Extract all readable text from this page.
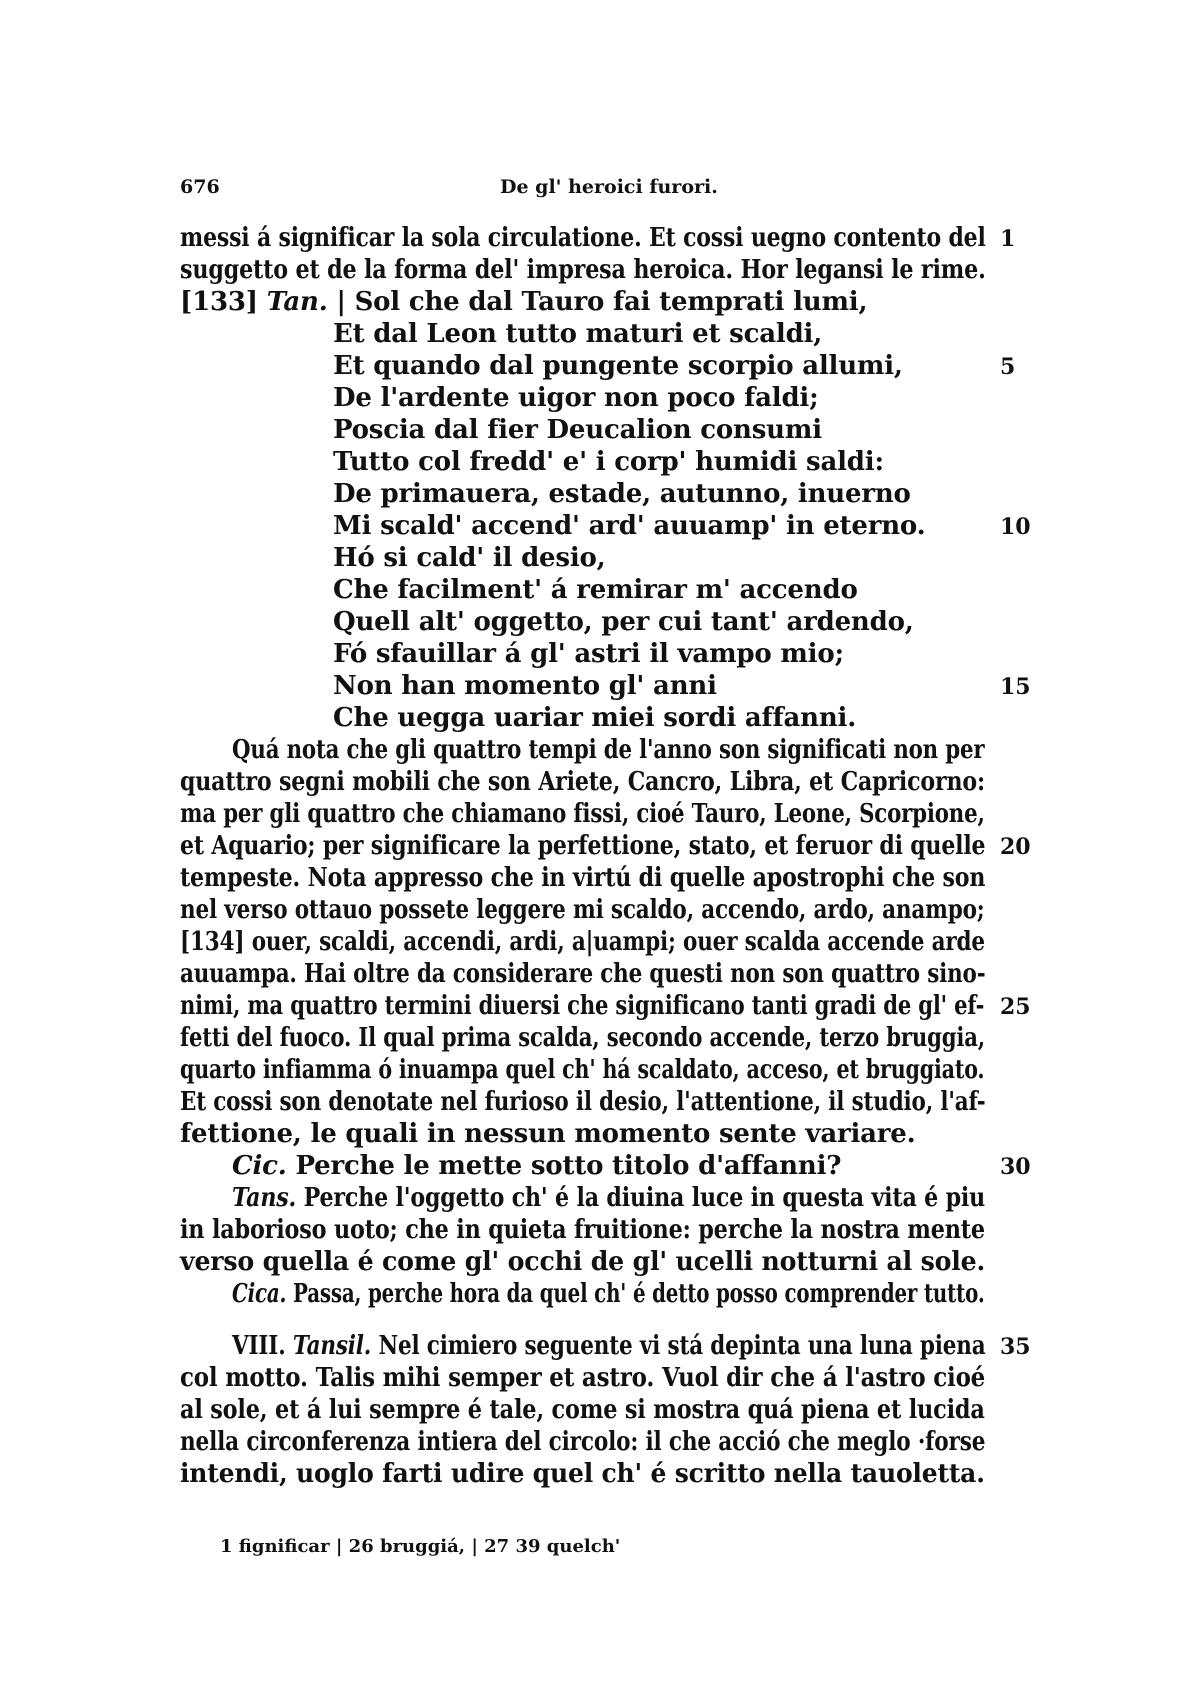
676	De gl' heroici furori.
messi á significar la sola circulatione. Et cossi uegno contento del
suggetto et de la forma del' impresa heroica. Hor legansi le rime.
[133] Tan. | Sol che dal Tauro fai temprati lumi,
Et dal Leon tutto maturi et scaldi,
Et quando dal pungente scorpio allumi,
De l'ardente uigor non poco faldi;
Poscia dal fier Deucalion consumi
Tutto col fredd' e' i corp' humidi saldi:
De primauera, estade, autunno, inuerno
Mi scald' accend' ard' auuamp' in eterno.
Hó si cald' il desio,
Che facilment' á remirar m' accendo
Quell alt' oggetto, per cui tant' ardendo,
Fó sfauillar á gl' astri il vampo mio;
Non han momento gl' anni
Che uegga uariar miei sordi affanni.
Quá nota che gli quattro tempi de l'anno son significati non per
quattro segni mobili che son Ariete, Cancro, Libra, et Capricorno:
ma per gli quattro che chiamano fissi, cioé Tauro, Leone, Scorpione,
et Aquario; per significare la perfettione, stato, et feruor di quelle
tempeste. Nota appresso che in virtú di quelle apostrophi che son
nel verso ottauo possete leggere mi scaldo, accendo, ardo, anampo;
[134] ouer, scaldi, accendi, ardi, a|uampi; ouer scalda accende arde
auuampa. Hai oltre da considerare che questi non son quattro sino-
nimi, ma quattro termini diuersi che significano tanti gradi de gl' ef-
fetti del fuoco. Il qual prima scalda, secondo accende, terzo bruggia,
quarto infiamma ó inuampa quel ch' há scaldato, acceso, et bruggiato.
Et cossi son denotate nel furioso il desio, l'attentione, il studio, l'af-
fettione, le quali in nessun momento sente variare.
Cic. Perche le mette sotto titolo d'affanni?
Tans. Perche l'oggetto ch' é la diuina luce in questa vita é piu
in laborioso uoto; che in quieta fruitione: perche la nostra mente
verso quella é come gl' occhi de gl' ucelli notturni al sole.
Cica. Passa, perche hora da quel ch' é detto posso comprender tutto.
VIII. Tansil. Nel cimiero seguente vi stá depinta una luna piena
col motto. Talis mihi semper et astro. Vuol dir che á l'astro cioé
al sole, et á lui sempre é tale, come si mostra quá piena et lucida
nella circonferenza intiera del circolo: il che acció che meglo ·forse
intendi, uoglo farti udire quel ch' é scritto nella tauoletta.
1
5
10
15
20
25
30
35
1 fignificar | 26 bruggiá, | 27 39 quelch'
